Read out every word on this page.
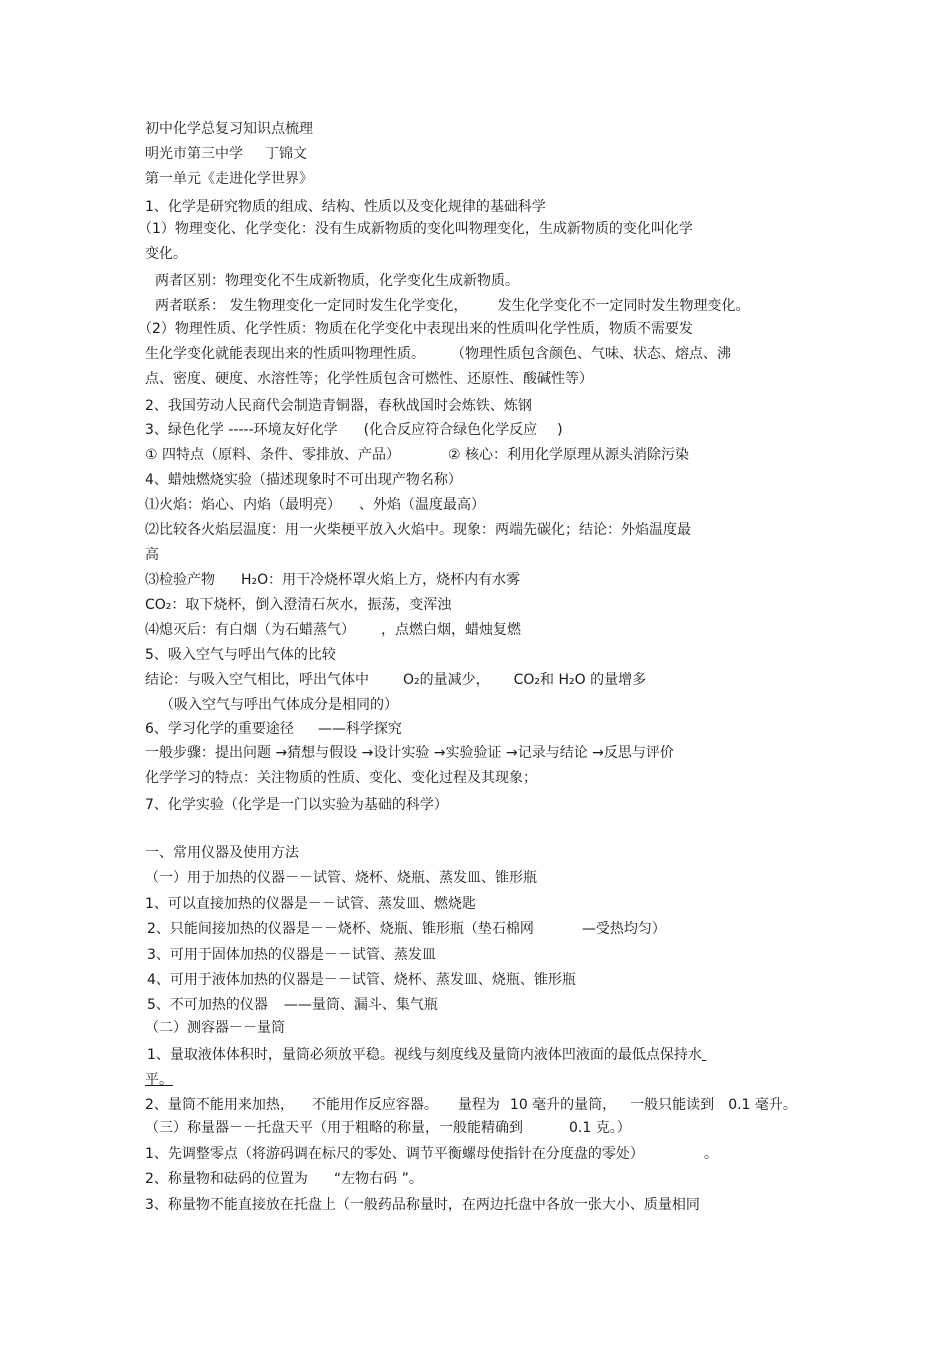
初中化学总复习知识点梳理
明光市第三中学 丁锦文
第一单元《走进化学世界》
1、化学是研究物质的组成、结构、性质以及变化规律的基础科学
（1）物理变化、化学变化：没有生成新物质的变化叫物理变化，生成新物质的变化叫化学
变化。
两者区别：物理变化不生成新物质，化学变化生成新物质。
两者联系： 发生物理变化一定同时发生化学变化， 发生化学变化不一定同时发生物理变化。
（2）物理性质、化学性质：物质在化学变化中表现出来的性质叫化学性质，物质不需要发
生化学变化就能表现出来的性质叫物理性质。 （物理性质包含颜色、气味、状态、熔点、沸
点、密度、硬度、水溶性等；化学性质包含可燃性、还原性、酸碱性等）
2、我国劳动人民商代会制造青铜器，春秋战国时会炼铁、炼钢
3、绿色化学 -----环境友好化学 (化合反应符合绿色化学反应 )
① 四特点（原料、条件、零排放、产品）	② 核心：利用化学原理从源头消除污染
4、蜡烛燃烧实验（描述现象时不可出现产物名称）
⑴火焰：焰心、内焰（最明亮） 、外焰（温度最高）
⑵比较各火焰层温度：用一火柴梗平放入火焰中。现象：两端先碳化；结论：外焰温度最
高
⑶检验产物 H₂O：用干冷烧杯罩火焰上方，烧杯内有水雾
CO₂：取下烧杯，倒入澄清石灰水，振荡，变浑浊
⑷熄灭后：有白烟（为石蜡蒸气） ，点燃白烟，蜡烛复燃
5、吸入空气与呼出气体的比较
结论：与吸入空气相比，呼出气体中 O₂的量减少， CO₂和 H₂O 的量增多
（吸入空气与呼出气体成分是相同的）
6、学习化学的重要途径 ——科学探究
一般步骤：提出问题 →猜想与假设 →设计实验 →实验验证 →记录与结论 →反思与评价
化学学习的特点：关注物质的性质、变化、变化过程及其现象；
7、化学实验（化学是一门以实验为基础的科学）
一、常用仪器及使用方法
（一）用于加热的仪器－－试管、烧杯、烧瓶、蒸发皿、锥形瓶
1、可以直接加热的仪器是－－试管、蒸发皿、燃烧匙
2、只能间接加热的仪器是－－烧杯、烧瓶、锥形瓶（垫石棉网	—受热均匀）
3、可用于固体加热的仪器是－－试管、蒸发皿
4、可用于液体加热的仪器是－－试管、烧杯、蒸发皿、烧瓶、锥形瓶
5、不可加热的仪器 ——量筒、漏斗、集气瓶
（二）测容器－－量筒
1、量取液体体积时，量筒必须放平稳。视线与刻度线及量筒内液体凹液面的最低点保持水
平。
2、量筒不能用来加热， 不能用作反应容器。 量程为 10 毫升的量筒， 一般只能读到 0.1 毫升。
（三）称量器－－托盘天平（用于粗略的称量，一般能精确到	0.1 克。）
1、先调整零点（将游码调在标尺的零处、调节平衡螺母使指针在分度盘的零处）	。
2、称量物和砝码的位置为 “左物右码 ”。
3、称量物不能直接放在托盘上（一般药品称量时，在两边托盘中各放一张大小、质量相同
